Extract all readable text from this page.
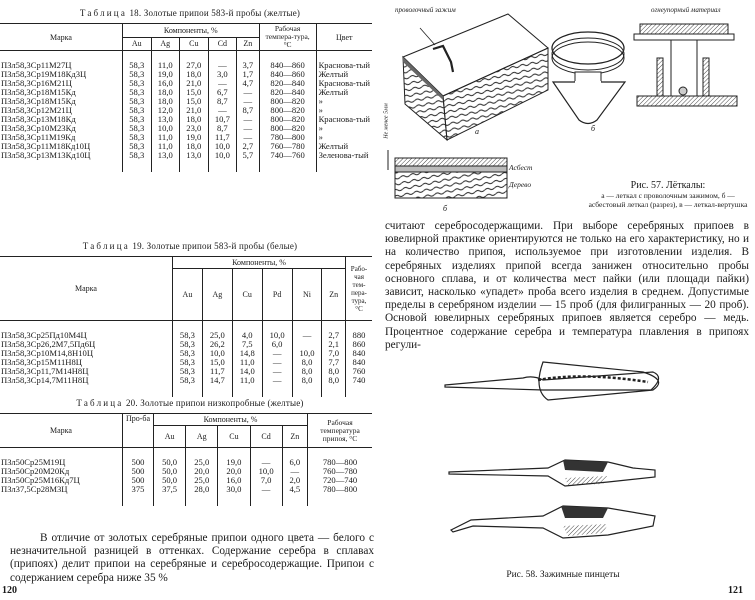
Таблица 18. Золотые припои 583-й пробы (желтые)
Марка	Компоненты, %					Рабочая темпера-тура, °С	Цвет
	Au	Ag	Cu	Cd	Zn		
ПЗл58,3Ср11М27Ц	58,3	11,0	27,0	—	3,7	840—860	Красновa-тый
ПЗл58,3Ср19М18Кд3Ц	58,3	19,0	18,0	3,0	1,7	840—860	Желтый
ПЗл58,3Ср16М21Ц	58,3	16,0	21,0	—	4,7	820—840	Красновa-тый
ПЗл58,3Ср18М15Кд	58,3	18,0	15,0	6,7	—	820—840	Желтый
ПЗл58,3Ср18М15Кд	58,3	18,0	15,0	8,7	—	800—820	»
ПЗл58,3Ср12М21Ц	58,3	12,0	21,0	—	8,7	800—820	»
ПЗл58,3Ср13М18Кд	58,3	13,0	18,0	10,7	—	800—820	Красновa-тый
ПЗл58,3Ср10М23Кд	58,3	10,0	23,0	8,7	—	800—820	»
ПЗл58,3Ср11М19Кд	58,3	11,0	19,0	11,7	—	780—800	»
ПЗл58,3Ср11М18Кд10Ц	58,3	11,0	18,0	10,0	2,7	760—780	Желтый
ПЗл58,3Ср13М13Кд10Ц	58,3	13,0	13,0	10,0	5,7	740—760	Зеленова-тый

Таблица 19. Золотые припои 583-й пробы (белые)
Марка	Компоненты, %						Рабо-чая тем-пера-тура, °С
	Au	Ag	Cu	Pd	Ni	Zn	
ПЗл58,3Ср25Пд10М4Ц	58,3	25,0	4,0	10,0	—	2,7	880
ПЗл58,3Ср26,2М7,5Пд6Ц	58,3	26,2	7,5	6,0		2,1	860
ПЗл58,3Ср10М14,8Н10Ц	58,3	10,0	14,8	—	10,0	7,0	840
ПЗл58,3Ср15М11Н8Ц	58,3	15,0	11,0	—	8,0	7,7	840
ПЗл58,3Ср11,7М14Н8Ц	58,3	11,7	14,0	—	8,0	8,0	760
ПЗл58,3Ср14,7М11Н8Ц	58,3	14,7	11,0	—	8,0	8,0	740

Таблица 20. Золотые припои низкопробные (желтые)
Марка	Про-ба	Компоненты, %					Рабочая температура припоя, °С
		Au	Ag	Cu	Cd	Zn	
ПЗл50Ср25М19Ц	500	50,0	25,0	19,0	—	6,0	780—800
ПЗл50Ср20М20Кд	500	50,0	20,0	20,0	10,0	—	760—780
ПЗл50Ср25М16Кд7Ц	500	50,0	25,0	16,0	7,0	2,0	720—740
ПЗл37,5Ср28М3Ц	375	37,5	28,0	30,0	—	4,5	780—800

В отличие от золотых серебряные припои одного цвета — белого с незначительной разницей в оттенках. Содержание серебра в сплавах (припоях) делит припои на серебряные и серебросодержащие. Припои с содержанием серебра ниже 35 %
120
проволочный зажим	огнеупорный материал
Не менее 5мм
Асбест
Дерево
а	б
б
Рис. 57. Лёткалы:
а — леткал с проволочным зажимом, б — асбестовый леткал (разрез), в — леткал-вертушка
считают серебросодержащими. При выборе серебряных припоев в ювелирной практике ориентируются не только на его характеристику, но и на количество припоя, используемое при изготовлении изделия. В серебряных изделиях припой всегда занижен относительно пробы основного сплава, и от количества мест пайки (или площади пайки) зависит, насколько «упадет» проба всего изделия в среднем. Допустимые пределы в серебряном изделии — 15 проб (для филигранных — 20 проб). Основой ювелирных серебряных припоев является серебро — медь. Процентное содержание серебра и температура плавления в припоях регули-
Рис. 58. Зажимные пинцеты
121
